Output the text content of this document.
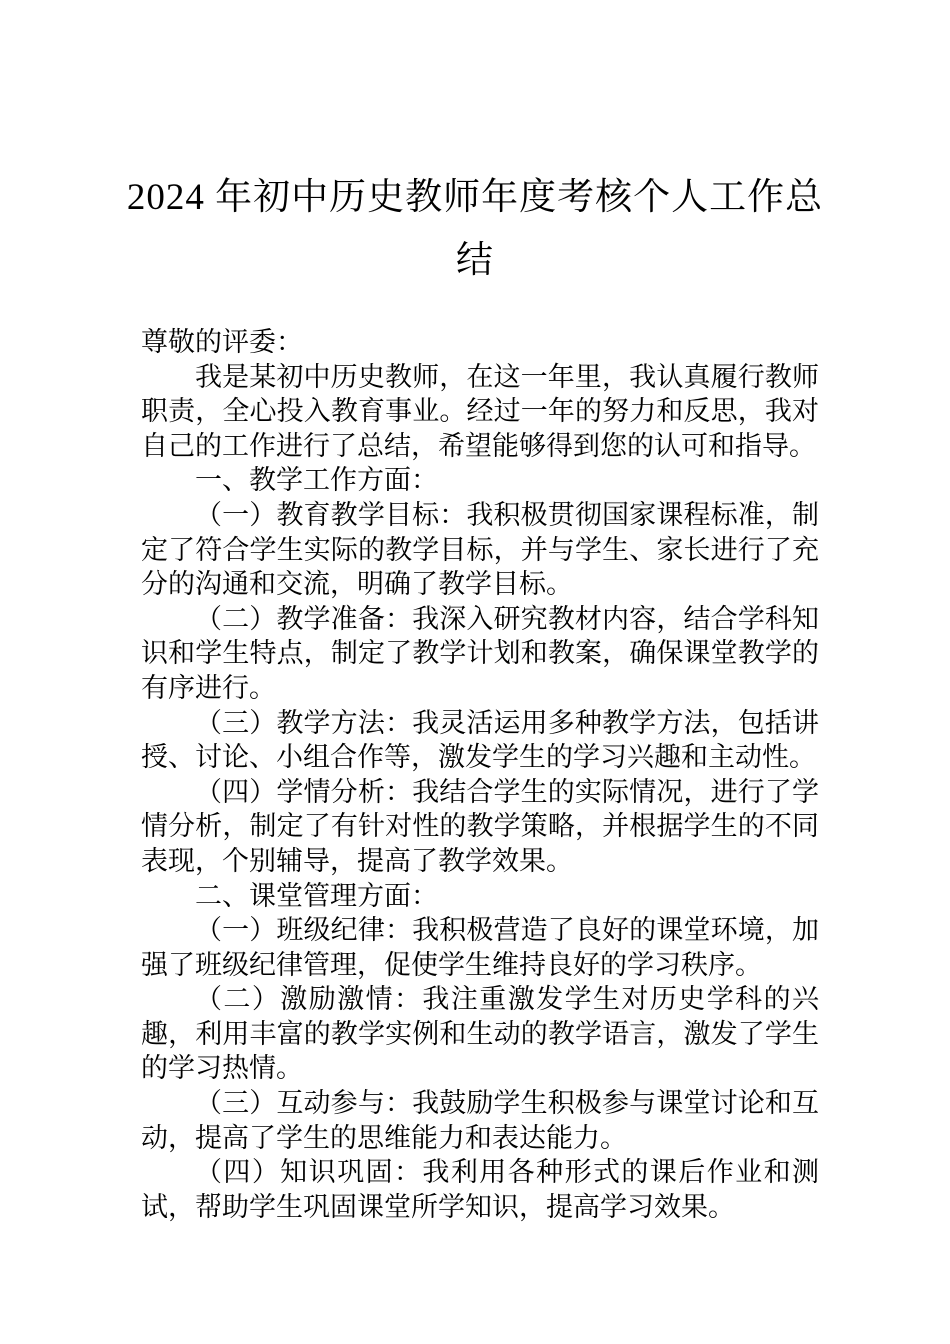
2024 年初中历史教师年度考核个人工作总
结

尊敬的评委：

我是某初中历史教师，在这一年里，我认真履行教师职责，全心投入教育事业。经过一年的努力和反思，我对自己的工作进行了总结，希望能够得到您的认可和指导。

一、教学工作方面：

（一）教育教学目标：我积极贯彻国家课程标准，制定了符合学生实际的教学目标，并与学生、家长进行了充分的沟通和交流，明确了教学目标。

（二）教学准备：我深入研究教材内容，结合学科知识和学生特点，制定了教学计划和教案，确保课堂教学的有序进行。

（三）教学方法：我灵活运用多种教学方法，包括讲授、讨论、小组合作等，激发学生的学习兴趣和主动性。

（四）学情分析：我结合学生的实际情况，进行了学情分析，制定了有针对性的教学策略，并根据学生的不同表现，个别辅导，提高了教学效果。

二、课堂管理方面：

（一）班级纪律：我积极营造了良好的课堂环境，加强了班级纪律管理，促使学生维持良好的学习秩序。

（二）激励激情：我注重激发学生对历史学科的兴趣，利用丰富的教学实例和生动的教学语言，激发了学生的学习热情。

（三）互动参与：我鼓励学生积极参与课堂讨论和互动，提高了学生的思维能力和表达能力。

（四）知识巩固：我利用各种形式的课后作业和测试，帮助学生巩固课堂所学知识，提高学习效果。
